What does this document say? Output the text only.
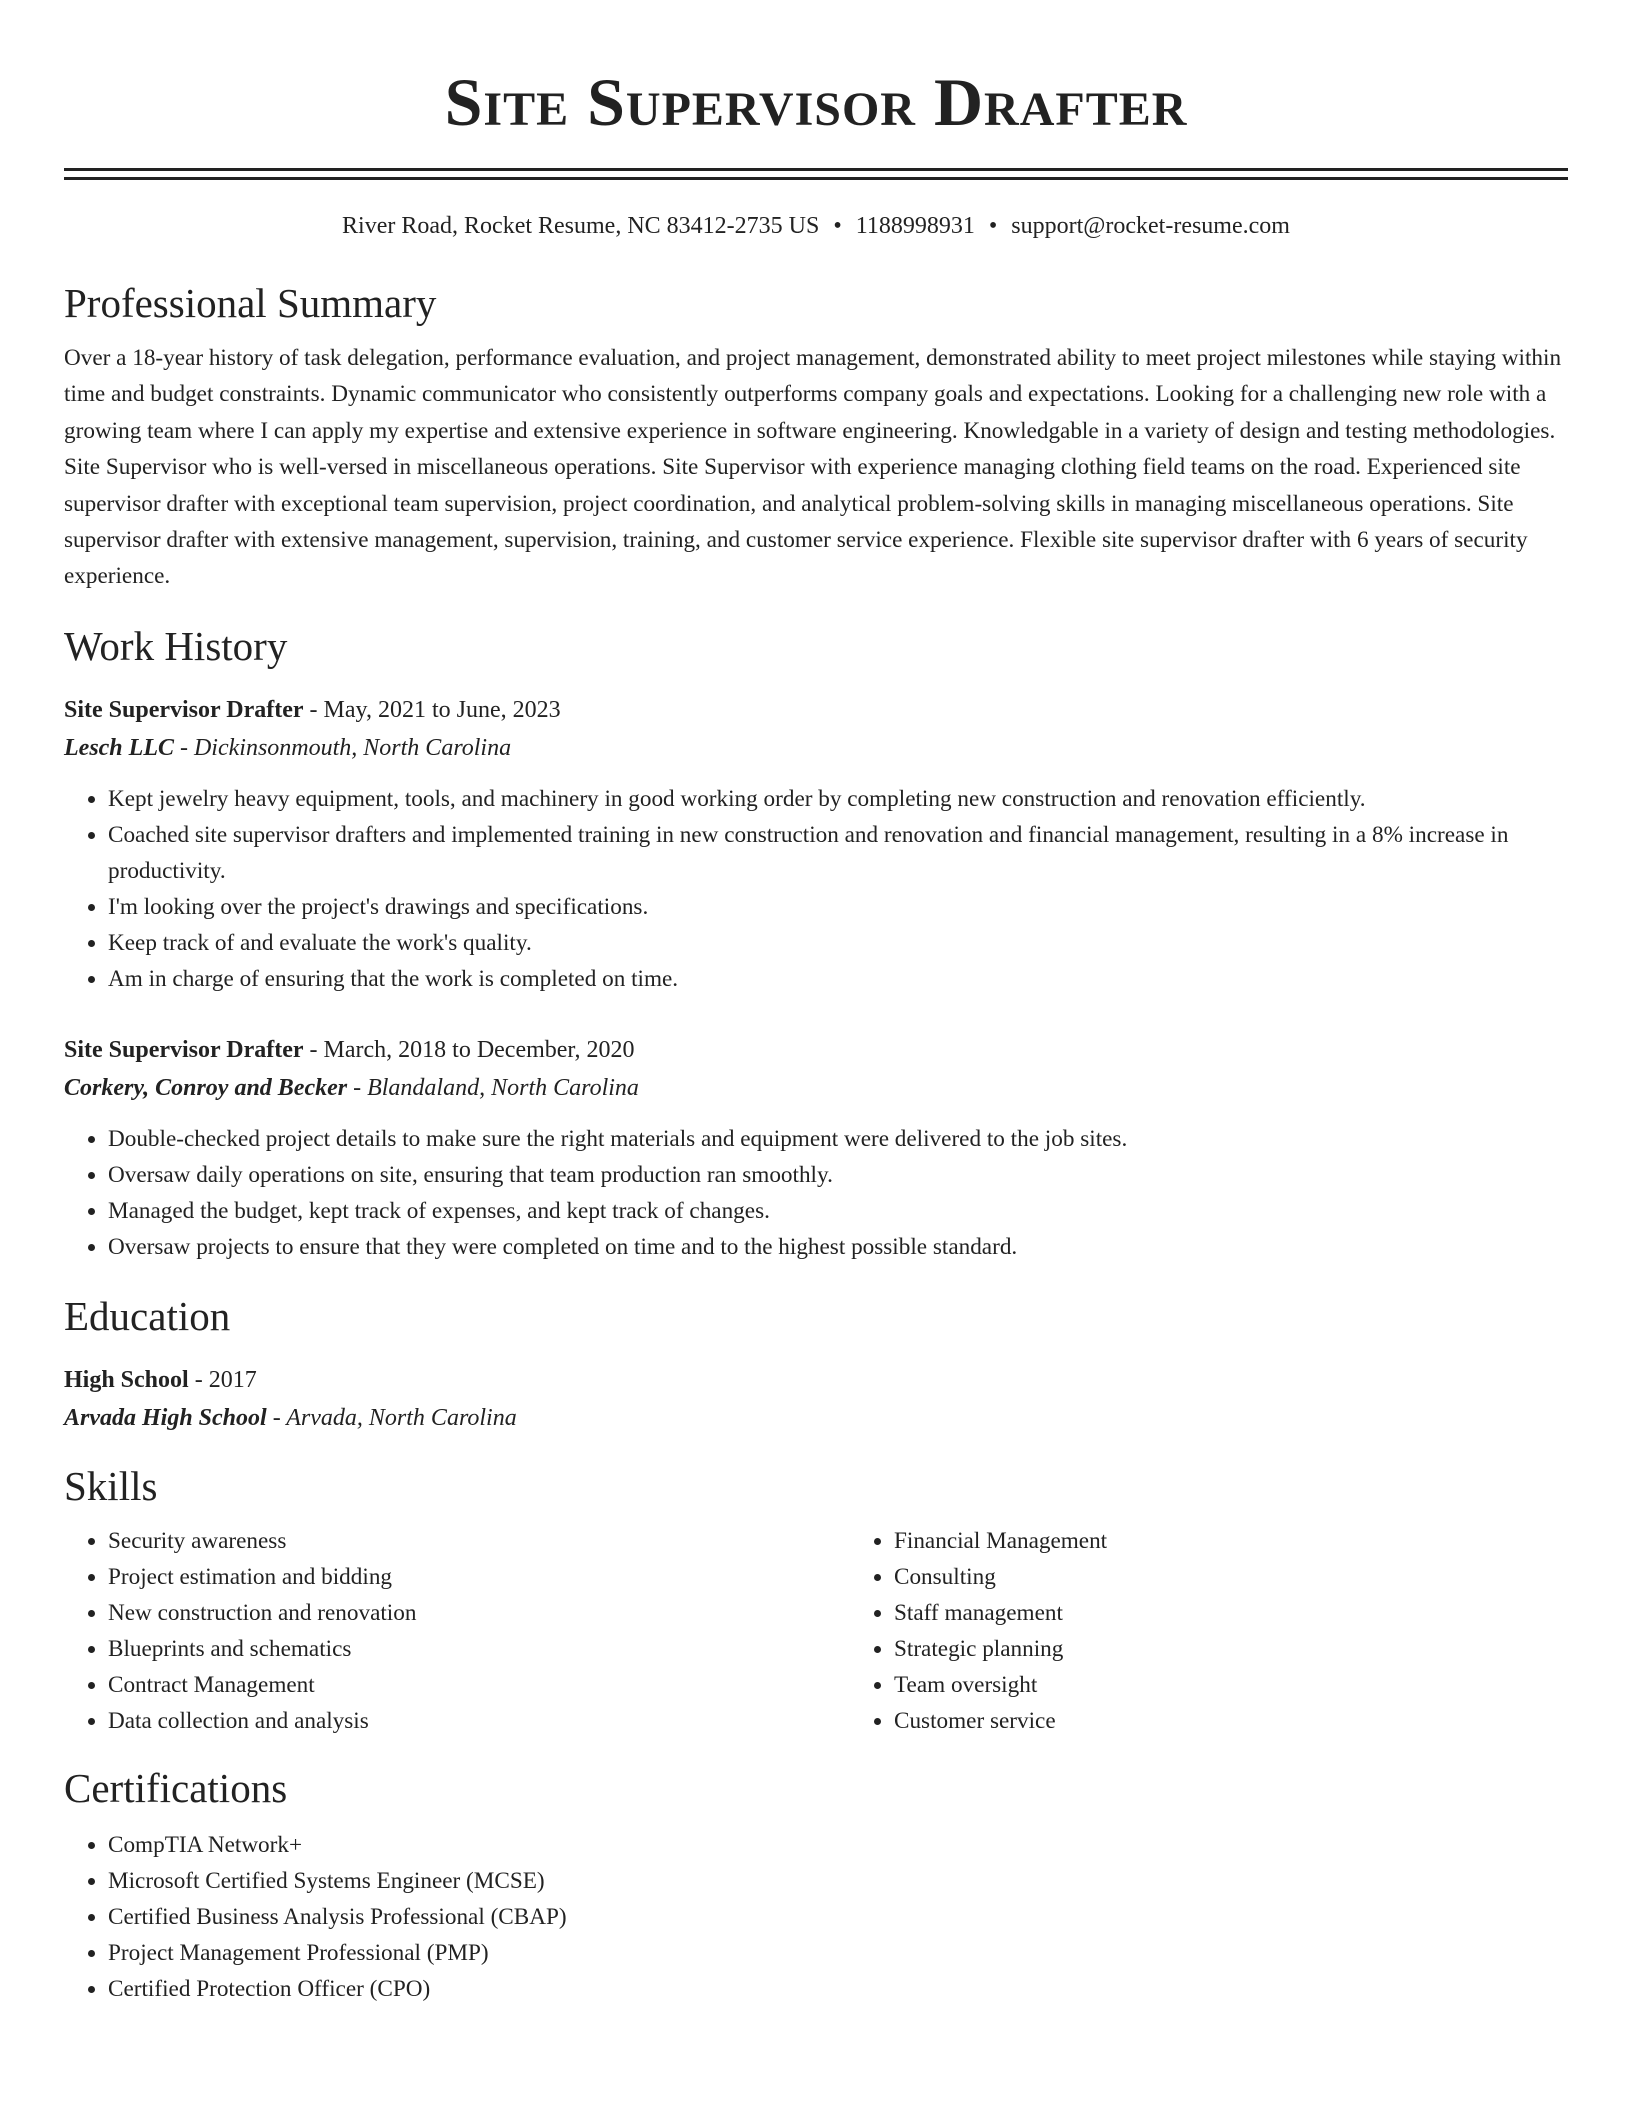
Site Supervisor Drafter
River Road, Rocket Resume, NC 83412-2735 US • 1188998931 • support@rocket-resume.com
Professional Summary

Over a 18-year history of task delegation, performance evaluation, and project management, demonstrated ability to meet project milestones while staying within time and budget constraints. Dynamic communicator who consistently outperforms company goals and expectations. Looking for a challenging new role with a growing team where I can apply my expertise and extensive experience in software engineering. Knowledgable in a variety of design and testing methodologies. Site Supervisor who is well-versed in miscellaneous operations. Site Supervisor with experience managing clothing field teams on the road. Experienced site supervisor drafter with exceptional team supervision, project coordination, and analytical problem-solving skills in managing miscellaneous operations. Site supervisor drafter with extensive management, supervision, training, and customer service experience. Flexible site supervisor drafter with 6 years of security experience.

Work History
Site Supervisor Drafter - May, 2021 to June, 2023
Lesch LLC - Dickinsonmouth, North Carolina
• Kept jewelry heavy equipment, tools, and machinery in good working order by completing new construction and renovation efficiently.
• Coached site supervisor drafters and implemented training in new construction and renovation and financial management, resulting in a 8% increase in productivity.
• I'm looking over the project's drawings and specifications.
• Keep track of and evaluate the work's quality.
• Am in charge of ensuring that the work is completed on time.
Site Supervisor Drafter - March, 2018 to December, 2020
Corkery, Conroy and Becker - Blandaland, North Carolina
• Double-checked project details to make sure the right materials and equipment were delivered to the job sites.
• Oversaw daily operations on site, ensuring that team production ran smoothly.
• Managed the budget, kept track of expenses, and kept track of changes.
• Oversaw projects to ensure that they were completed on time and to the highest possible standard.
Education
High School - 2017
Arvada High School - Arvada, North Carolina
Skills
• Security awareness
• Project estimation and bidding
• New construction and renovation
• Blueprints and schematics
• Contract Management
• Data collection and analysis
• Financial Management
• Consulting
• Staff management
• Strategic planning
• Team oversight
• Customer service
Certifications
• CompTIA Network+
• Microsoft Certified Systems Engineer (MCSE)
• Certified Business Analysis Professional (CBAP)
• Project Management Professional (PMP)
• Certified Protection Officer (CPO)
